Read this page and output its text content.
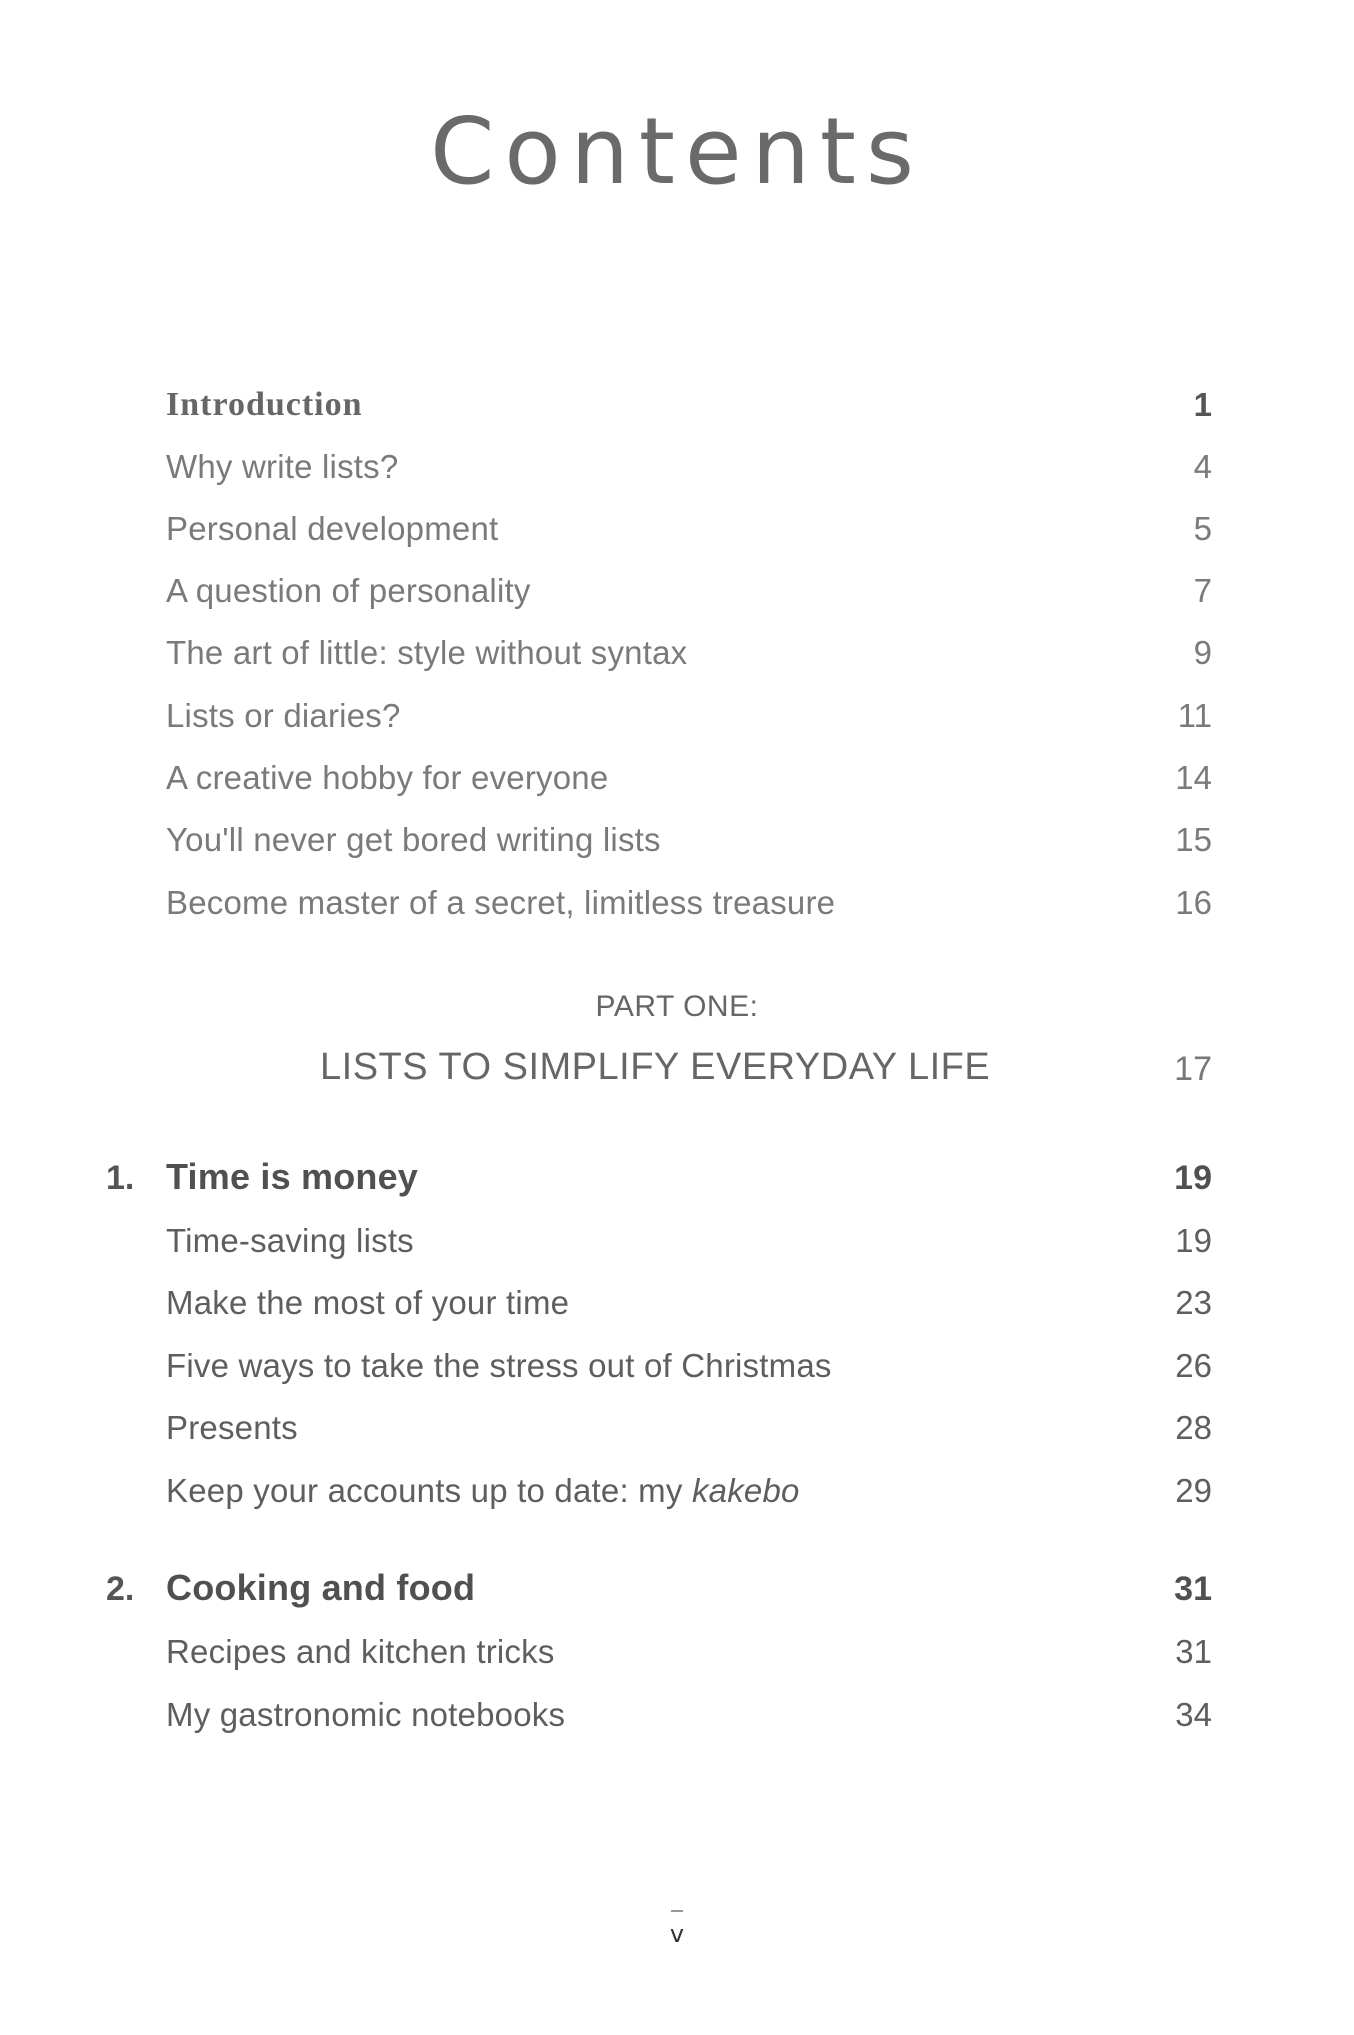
Contents
Introduction	1
Why write lists?	4
Personal development	5
A question of personality	7
The art of little: style without syntax	9
Lists or diaries?	11
A creative hobby for everyone	14
You'll never get bored writing lists	15
Become master of a secret, limitless treasure	16
PART ONE:
LISTS TO SIMPLIFY EVERYDAY LIFE	17
1. Time is money	19
Time-saving lists	19
Make the most of your time	23
Five ways to take the stress out of Christmas	26
Presents	28
Keep your accounts up to date: my kakebo	29
2. Cooking and food	31
Recipes and kitchen tricks	31
My gastronomic notebooks	34
v
